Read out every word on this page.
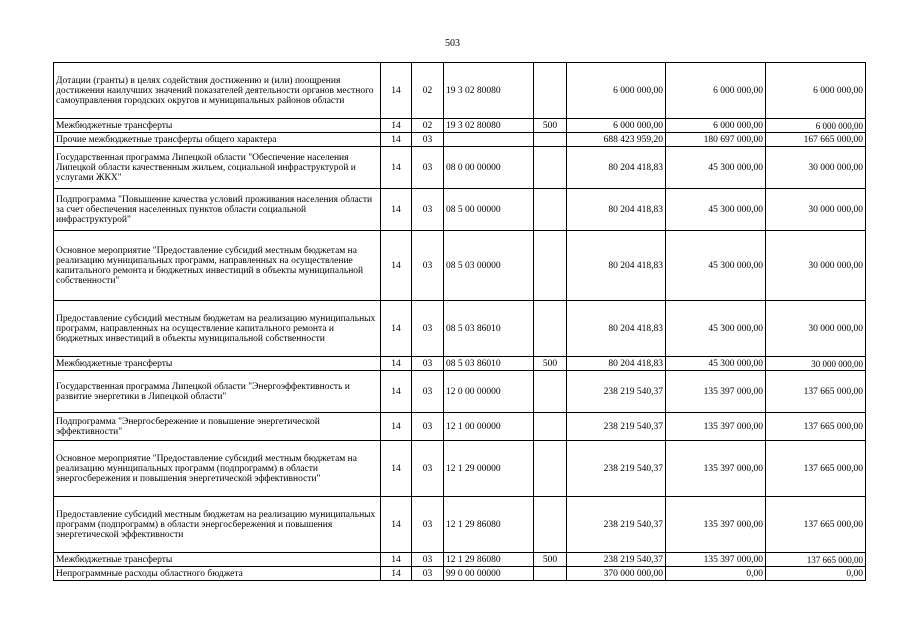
503
Дотации (гранты) в целях содействия достижению и (или) поощрения достижения наилучших значений показателей деятельности органов местного самоуправления городских округов и муниципальных районов области	14	02	19 3 02 80080		6 000 000,00	6 000 000,00	6 000 000,00
Межбюджетные трансферты	14	02	19 3 02 80080	500	6 000 000,00	6 000 000,00	6 000 000,00
Прочие межбюджетные трансферты общего характера	14	03			688 423 959,20	180 697 000,00	167 665 000,00
Государственная программа Липецкой области "Обеспечение населения Липецкой области качественным жильем, социальной инфраструктурой и услугами ЖКХ"	14	03	08 0 00 00000		80 204 418,83	45 300 000,00	30 000 000,00
Подпрограмма "Повышение качества условий проживания населения области за счет обеспечения населенных пунктов области социальной инфраструктурой"	14	03	08 5 00 00000		80 204 418,83	45 300 000,00	30 000 000,00
Основное мероприятие "Предоставление субсидий местным бюджетам на реализацию муниципальных программ, направленных на осуществление капитального ремонта и бюджетных инвестиций в объекты муниципальной собственности"	14	03	08 5 03 00000		80 204 418,83	45 300 000,00	30 000 000,00
Предоставление субсидий местным бюджетам на реализацию муниципальных программ, направленных на осуществление капитального ремонта и бюджетных инвестиций в объекты муниципальной собственности	14	03	08 5 03 86010		80 204 418,83	45 300 000,00	30 000 000,00
Межбюджетные трансферты	14	03	08 5 03 86010	500	80 204 418,83	45 300 000,00	30 000 000,00
Государственная программа Липецкой области "Энергоэффективность и развитие энергетики в Липецкой области"	14	03	12 0 00 00000		238 219 540,37	135 397 000,00	137 665 000,00
Подпрограмма "Энергосбережение и повышение энергетической эффективности"	14	03	12 1 00 00000		238 219 540,37	135 397 000,00	137 665 000,00
Основное мероприятие "Предоставление субсидий местным бюджетам на реализацию муниципальных программ (подпрограмм) в области энергосбережения и повышения энергетической эффективности"	14	03	12 1 29 00000		238 219 540,37	135 397 000,00	137 665 000,00
Предоставление субсидий местным бюджетам на реализацию муниципальных программ (подпрограмм) в области энергосбережения и повышения энергетической эффективности	14	03	12 1 29 86080		238 219 540,37	135 397 000,00	137 665 000,00
Межбюджетные трансферты	14	03	12 1 29 86080	500	238 219 540,37	135 397 000,00	137 665 000,00
Непрограммные расходы областного бюджета	14	03	99 0 00 00000		370 000 000,00	0,00	0,00
